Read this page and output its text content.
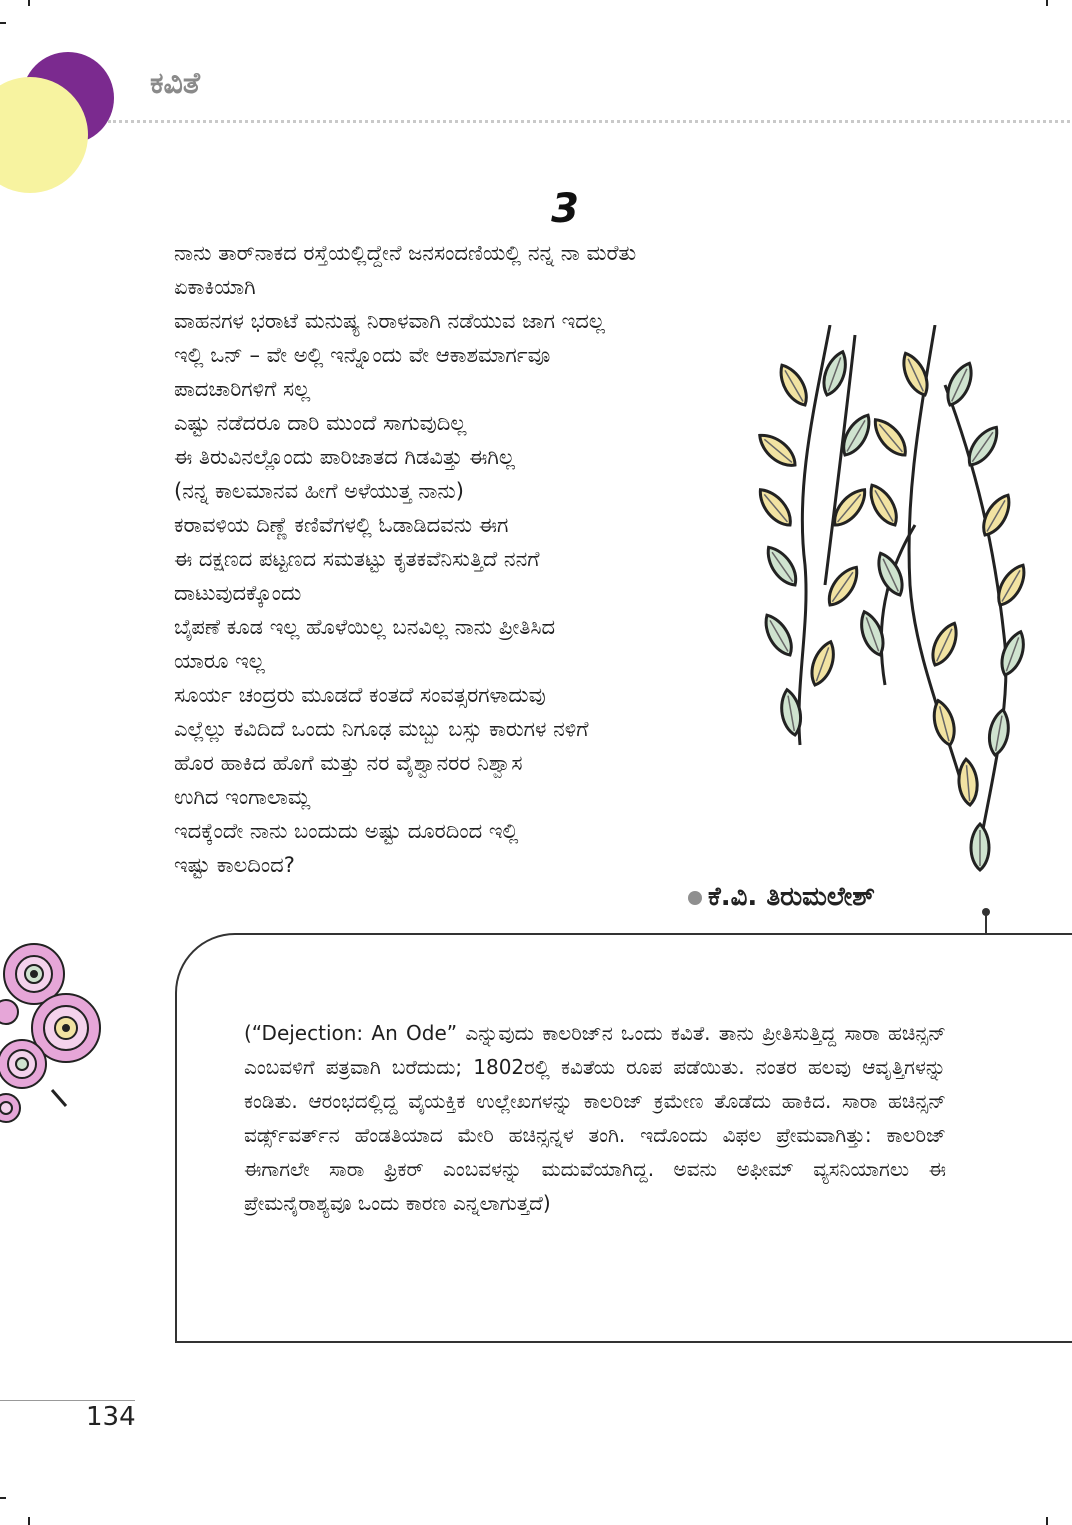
ಕವಿತೆ
3
ನಾನು ತಾರ್‌ನಾಕದ ರಸ್ತೆಯಲ್ಲಿದ್ದೇನೆ ಜನಸಂದಣಿಯಲ್ಲಿ ನನ್ನ ನಾ ಮರೆತು
ಏಕಾಕಿಯಾಗಿ
ವಾಹನಗಳ ಭರಾಟೆ ಮನುಷ್ಯ ನಿರಾಳವಾಗಿ ನಡೆಯುವ ಜಾಗ ಇದಲ್ಲ
ಇಲ್ಲಿ ಒನ್ – ವೇ ಅಲ್ಲಿ ಇನ್ನೊಂದು ವೇ ಆಕಾಶಮಾರ್ಗವೂ
ಪಾದಚಾರಿಗಳಿಗೆ ಸಲ್ಲ
ಎಷ್ಟು ನಡೆದರೂ ದಾರಿ ಮುಂದೆ ಸಾಗುವುದಿಲ್ಲ
ಈ ತಿರುವಿನಲ್ಲೊಂದು ಪಾರಿಜಾತದ ಗಿಡವಿತ್ತು ಈಗಿಲ್ಲ
(ನನ್ನ ಕಾಲಮಾನವ ಹೀಗೆ ಅಳೆಯುತ್ತ ನಾನು)
ಕರಾವಳಿಯ ದಿಣ್ಣೆ ಕಣಿವೆಗಳಲ್ಲಿ ಓಡಾಡಿದವನು ಈಗ
ಈ ದಕ್ಷಣದ ಪಟ್ಟಣದ ಸಮತಟ್ಟು ಕೃತಕವೆನಿಸುತ್ತಿದೆ ನನಗೆ
ದಾಟುವುದಕ್ಕೊಂದು
ಬೈಪಣೆ ಕೂಡ ಇಲ್ಲ ಹೊಳೆಯಿಲ್ಲ ಬನವಿಲ್ಲ ನಾನು ಪ್ರೀತಿಸಿದ
ಯಾರೂ ಇಲ್ಲ
ಸೂರ್ಯ ಚಂದ್ರರು ಮೂಡದೆ ಕಂತದೆ ಸಂವತ್ಸರಗಳಾದುವು
ಎಲ್ಲೆಲ್ಲು ಕವಿದಿದೆ ಒಂದು ನಿಗೂಢ ಮಬ್ಬು ಬಸ್ಸು ಕಾರುಗಳ ನಳಿಗೆ
ಹೊರ ಹಾಕಿದ ಹೊಗೆ ಮತ್ತು ನರ ವೈಶ್ವಾನರರ ನಿಶ್ವಾಸ
ಉಗಿದ ಇಂಗಾಲಾಮ್ಲ
ಇದಕ್ಕೆಂದೇ ನಾನು ಬಂದುದು ಅಷ್ಟು ದೂರದಿಂದ ಇಲ್ಲಿ
ಇಷ್ಟು ಕಾಲದಿಂದ?
ಕೆ.ವಿ. ತಿರುಮಲೇಶ್
(“Dejection: An Ode” ಎನ್ನುವುದು ಕಾಲರಿಜ್‌ನ ಒಂದು ಕವಿತೆ. ತಾನು ಪ್ರೀತಿಸುತ್ತಿದ್ದ ಸಾರಾ ಹಚಿನ್ಸನ್ ಎಂಬವಳಿಗೆ ಪತ್ರವಾಗಿ ಬರೆದುದು; 1802ರಲ್ಲಿ ಕವಿತೆಯ ರೂಪ ಪಡೆಯಿತು. ನಂತರ ಹಲವು ಆವೃತ್ತಿಗಳನ್ನು ಕಂಡಿತು. ಆರಂಭದಲ್ಲಿದ್ದ ವೈಯಕ್ತಿಕ ಉಲ್ಲೇಖಗಳನ್ನು ಕಾಲರಿಜ್ ಕ್ರಮೇಣ ತೊಡೆದು ಹಾಕಿದ. ಸಾರಾ ಹಚಿನ್ಸನ್ ವರ್ಡ್ಸ್‌ವರ್ತ್‌ನ ಹೆಂಡತಿಯಾದ ಮೇರಿ ಹಚಿನ್ಸನ್ನಳ ತಂಗಿ. ಇದೊಂದು ವಿಫಲ ಪ್ರೇಮವಾಗಿತ್ತು: ಕಾಲರಿಜ್ ಈಗಾಗಲೇ ಸಾರಾ ಫ್ರಿಕರ್ ಎಂಬವಳನ್ನು ಮದುವೆಯಾಗಿದ್ದ. ಅವನು ಅಫೀಮ್ ವ್ಯಸನಿಯಾಗಲು ಈ ಪ್ರೇಮನೈರಾಶ್ಯವೂ ಒಂದು ಕಾರಣ ಎನ್ನಲಾಗುತ್ತದೆ)
134
